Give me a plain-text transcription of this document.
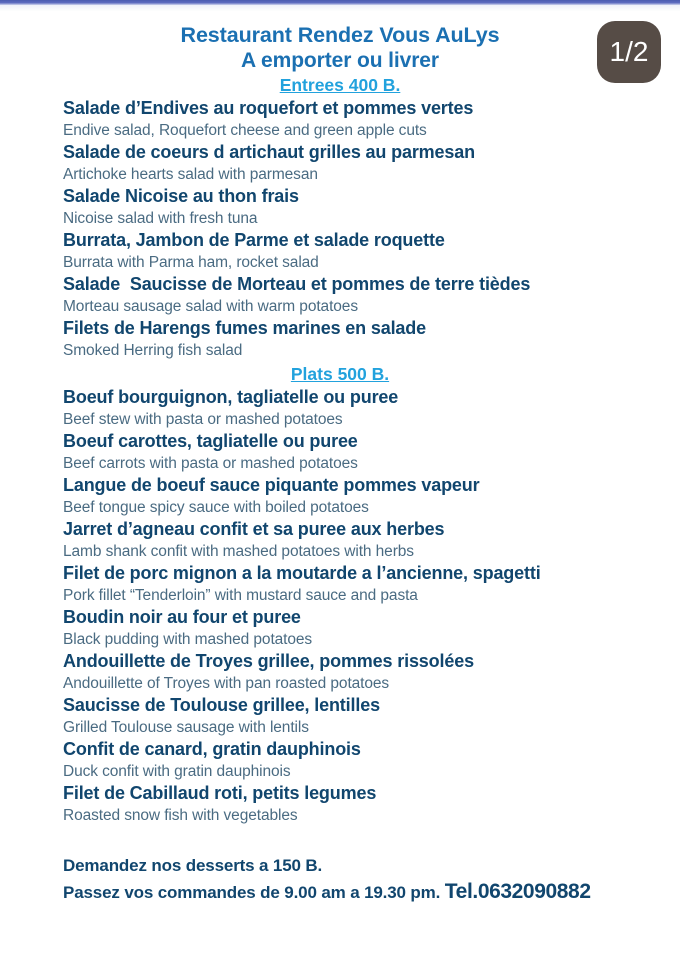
Restaurant Rendez Vous AuLys
A emporter ou livrer
Entrees 400 B.
Salade d’Endives au roquefort et pommes vertes
Endive salad, Roquefort cheese and green apple cuts
Salade de coeurs d artichaut grilles au parmesan
Artichoke hearts salad with parmesan
Salade Nicoise au thon frais
Nicoise salad with fresh tuna
Burrata, Jambon de Parme et salade roquette
Burrata with Parma ham, rocket salad
Salade  Saucisse de Morteau et pommes de terre tièdes
Morteau sausage salad with warm potatoes
Filets de Harengs fumes marines en salade
Smoked Herring fish salad
Plats 500 B.
Boeuf bourguignon, tagliatelle ou puree
Beef stew with pasta or mashed potatoes
Boeuf carottes, tagliatelle ou puree
Beef carrots with pasta or mashed potatoes
Langue de boeuf sauce piquante pommes vapeur
Beef tongue spicy sauce with boiled potatoes
Jarret d’agneau confit et sa puree aux herbes
Lamb shank confit with mashed potatoes with herbs
Filet de porc mignon a la moutarde a l’ancienne, spagetti
Pork fillet “Tenderloin” with mustard sauce and pasta
Boudin noir au four et puree
Black pudding with mashed potatoes
Andouillette de Troyes grillee, pommes rissolées
Andouillette of Troyes with pan roasted potatoes
Saucisse de Toulouse grillee, lentilles
Grilled Toulouse sausage with lentils
Confit de canard, gratin dauphinois
Duck confit with gratin dauphinois
Filet de Cabillaud roti, petits legumes
Roasted snow fish with vegetables
Demandez nos desserts a 150 B.
Passez vos commandes de 9.00 am a 19.30 pm. Tel.0632090882
1/2
